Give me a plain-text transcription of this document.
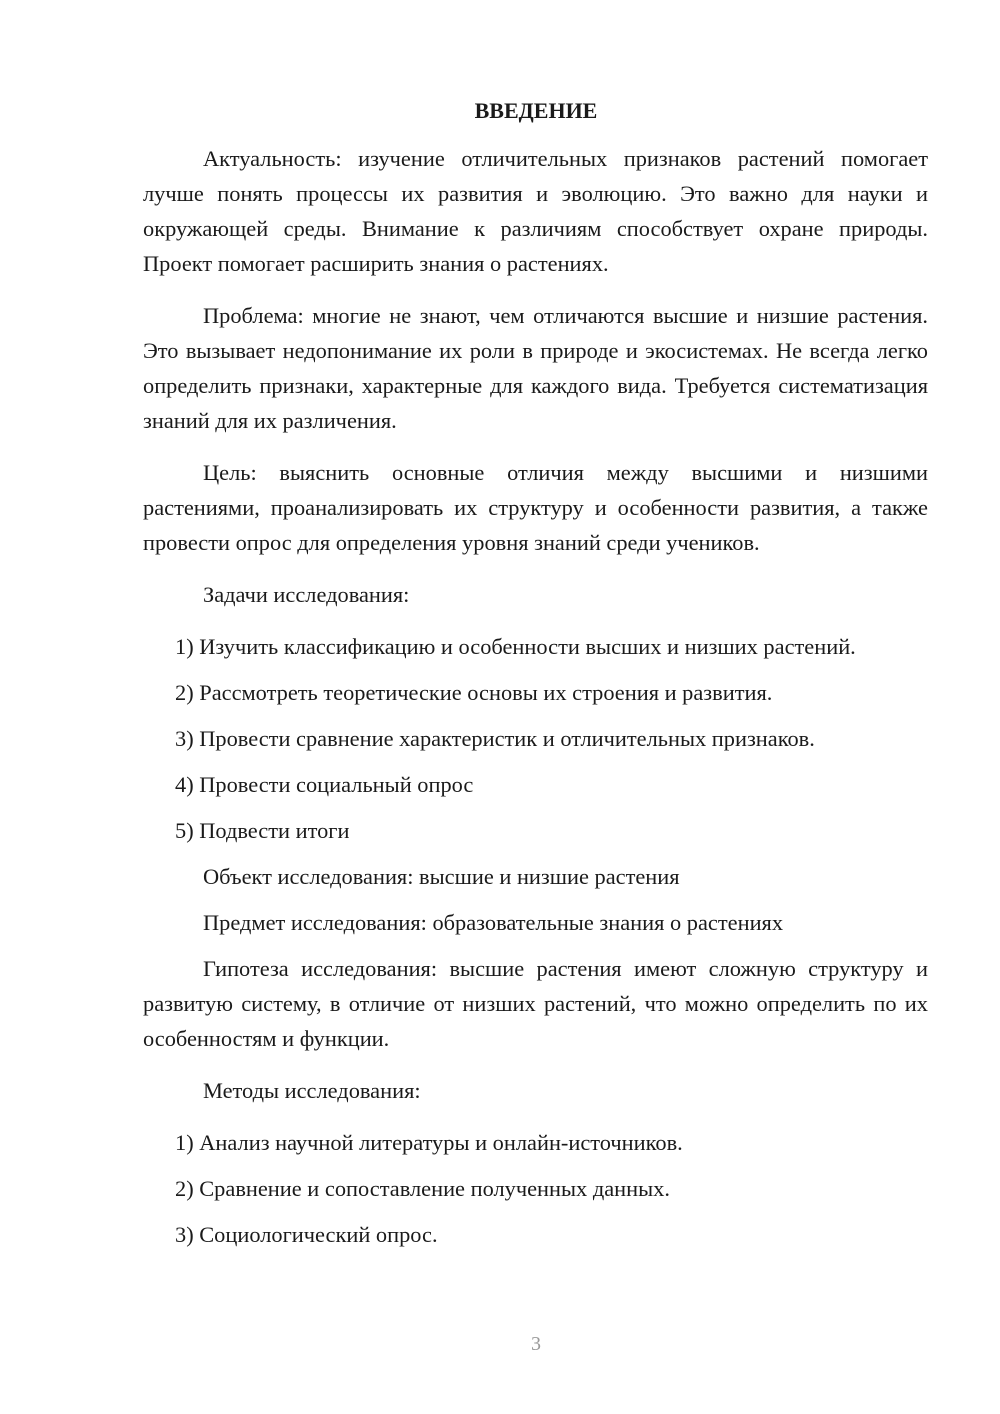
ВВЕДЕНИЕ

Актуальность: изучение отличительных признаков растений помогает лучше понять процессы их развития и эволюцию. Это важно для науки и окружающей среды. Внимание к различиям способствует охране природы. Проект помогает расширить знания о растениях.

Проблема: многие не знают, чем отличаются высшие и низшие растения. Это вызывает недопонимание их роли в природе и экосистемах. Не всегда легко определить признаки, характерные для каждого вида. Требуется систематизация знаний для их различения.

Цель: выяснить основные отличия между высшими и низшими растениями, проанализировать их структуру и особенности развития, а также провести опрос для определения уровня знаний среди учеников.

Задачи исследования:

1) Изучить классификацию и особенности высших и низших растений.

2) Рассмотреть теоретические основы их строения и развития.

3) Провести сравнение характеристик и отличительных признаков.

4) Провести социальный опрос

5) Подвести итоги

Объект исследования: высшие и низшие растения

Предмет исследования: образовательные знания о растениях

Гипотеза исследования: высшие растения имеют сложную структуру и развитую систему, в отличие от низших растений, что можно определить по их особенностям и функции.

Методы исследования:

1) Анализ научной литературы и онлайн-источников.

2) Сравнение и сопоставление полученных данных.

3) Социологический опрос.

3
